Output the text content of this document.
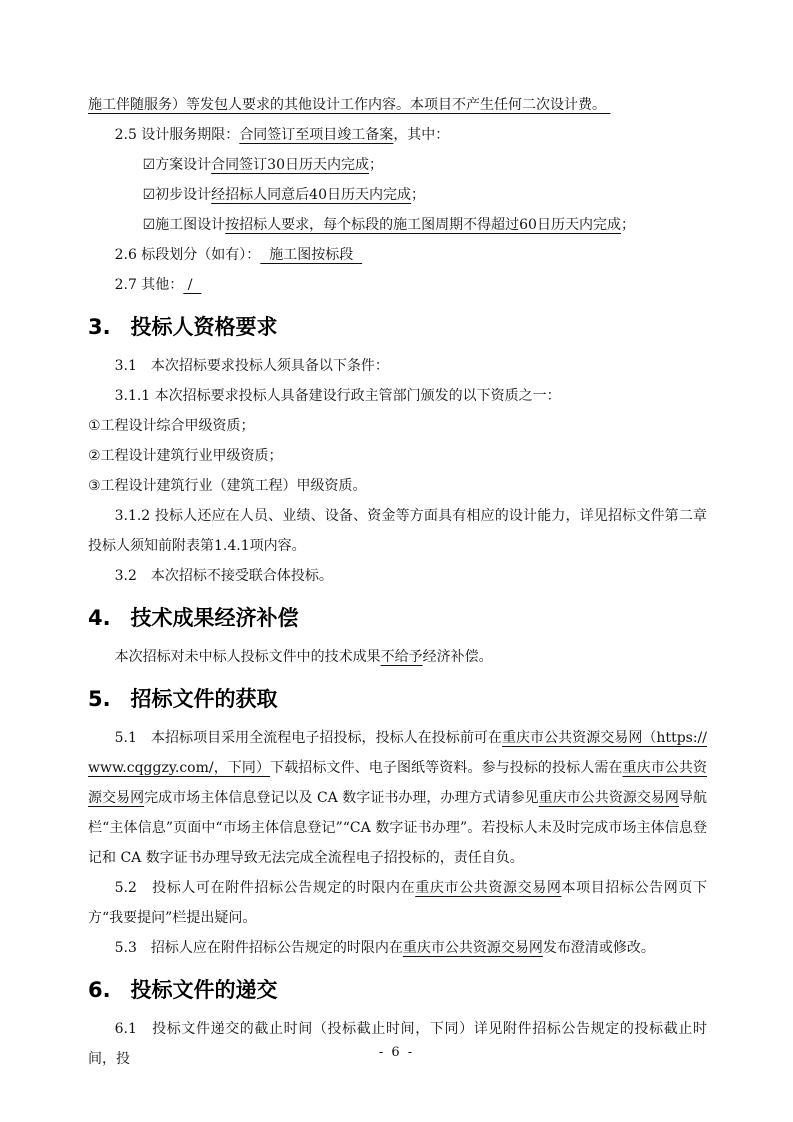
施工伴随服务）等发包人要求的其他设计工作内容。本项目不产生任何二次设计费。

2.5 设计服务期限：合同签订至项目竣工备案，其中：

☑方案设计合同签订30日历天内完成；

☑初步设计经招标人同意后40日历天内完成；

☑施工图设计按招标人要求，每个标段的施工图周期不得超过60日历天内完成；

2.6 标段划分（如有）：  施工图按标段

2.7 其他： /

3. 投标人资格要求

3.1　本次招标要求投标人须具备以下条件：

3.1.1 本次招标要求投标人具备建设行政主管部门颁发的以下资质之一：

①工程设计综合甲级资质；

②工程设计建筑行业甲级资质；

③工程设计建筑行业（建筑工程）甲级资质。

3.1.2 投标人还应在人员、业绩、设备、资金等方面具有相应的设计能力，详见招标文件第二章投标人须知前附表第1.4.1项内容。

3.2　本次招标不接受联合体投标。

4. 技术成果经济补偿

本次招标对未中标人投标文件中的技术成果不给予经济补偿。

5. 招标文件的获取

5.1　本招标项目采用全流程电子招投标，投标人在投标前可在重庆市公共资源交易网（https://www.cqggzy.com/，下同）下载招标文件、电子图纸等资料。参与投标的投标人需在重庆市公共资源交易网完成市场主体信息登记以及 CA 数字证书办理，办理方式请参见重庆市公共资源交易网导航栏“主体信息”页面中“市场主体信息登记”“CA 数字证书办理”。若投标人未及时完成市场主体信息登记和 CA 数字证书办理导致无法完成全流程电子招投标的，责任自负。

5.2　投标人可在附件招标公告规定的时限内在重庆市公共资源交易网本项目招标公告网页下方“我要提问”栏提出疑问。

5.3　招标人应在附件招标公告规定的时限内在重庆市公共资源交易网发布澄清或修改。

6. 投标文件的递交

6.1　投标文件递交的截止时间（投标截止时间，下同）详见附件招标公告规定的投标截止时间，投	- 6 -
